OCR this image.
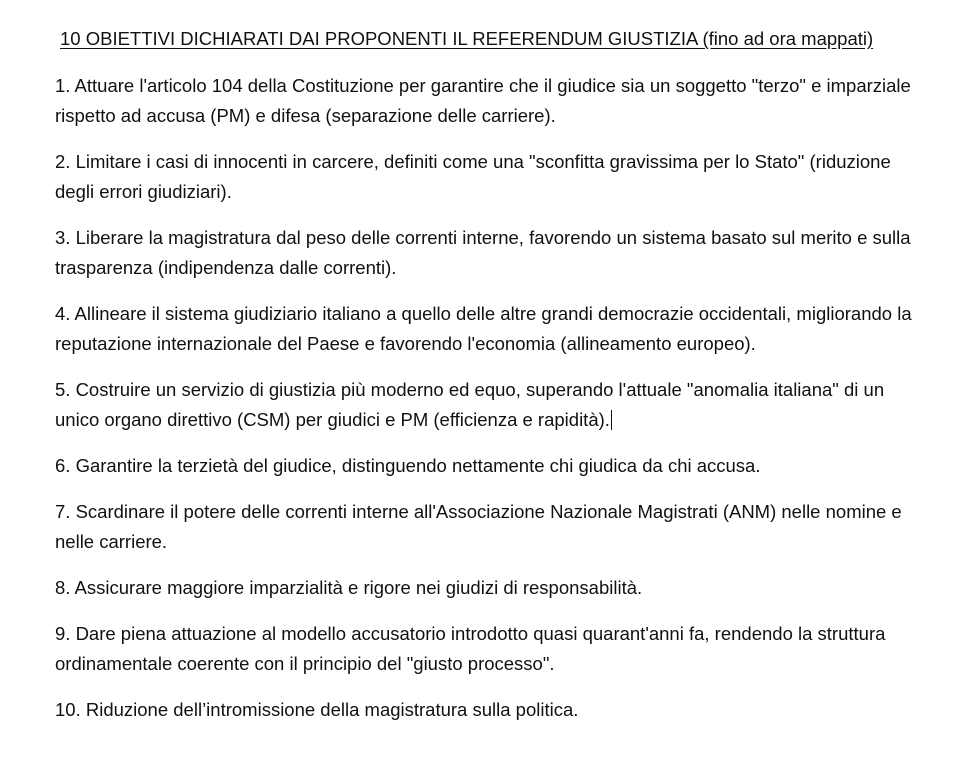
10 OBIETTIVI DICHIARATI DAI PROPONENTI IL REFERENDUM GIUSTIZIA (fino ad ora mappati)
1. Attuare l'articolo 104 della Costituzione per garantire che il giudice sia un soggetto "terzo" e imparziale rispetto ad accusa (PM) e difesa (separazione delle carriere).
2. Limitare i casi di innocenti in carcere, definiti come una "sconfitta gravissima per lo Stato" (riduzione degli errori giudiziari).
3. Liberare la magistratura dal peso delle correnti interne, favorendo un sistema basato sul merito e sulla trasparenza (indipendenza dalle correnti).
4. Allineare il sistema giudiziario italiano a quello delle altre grandi democrazie occidentali, migliorando la reputazione internazionale del Paese e favorendo l'economia (allineamento europeo).
5. Costruire un servizio di giustizia più moderno ed equo, superando l'attuale "anomalia italiana" di un unico organo direttivo (CSM) per giudici e PM (efficienza e rapidità).
6. Garantire la terzietà del giudice, distinguendo nettamente chi giudica da chi accusa.
7. Scardinare il potere delle correnti interne all'Associazione Nazionale Magistrati (ANM) nelle nomine e nelle carriere.
8. Assicurare maggiore imparzialità e rigore nei giudizi di responsabilità.
9. Dare piena attuazione al modello accusatorio introdotto quasi quarant'anni fa, rendendo la struttura ordinamentale coerente con il principio del "giusto processo".
10. Riduzione dell’intromissione della magistratura sulla politica.
